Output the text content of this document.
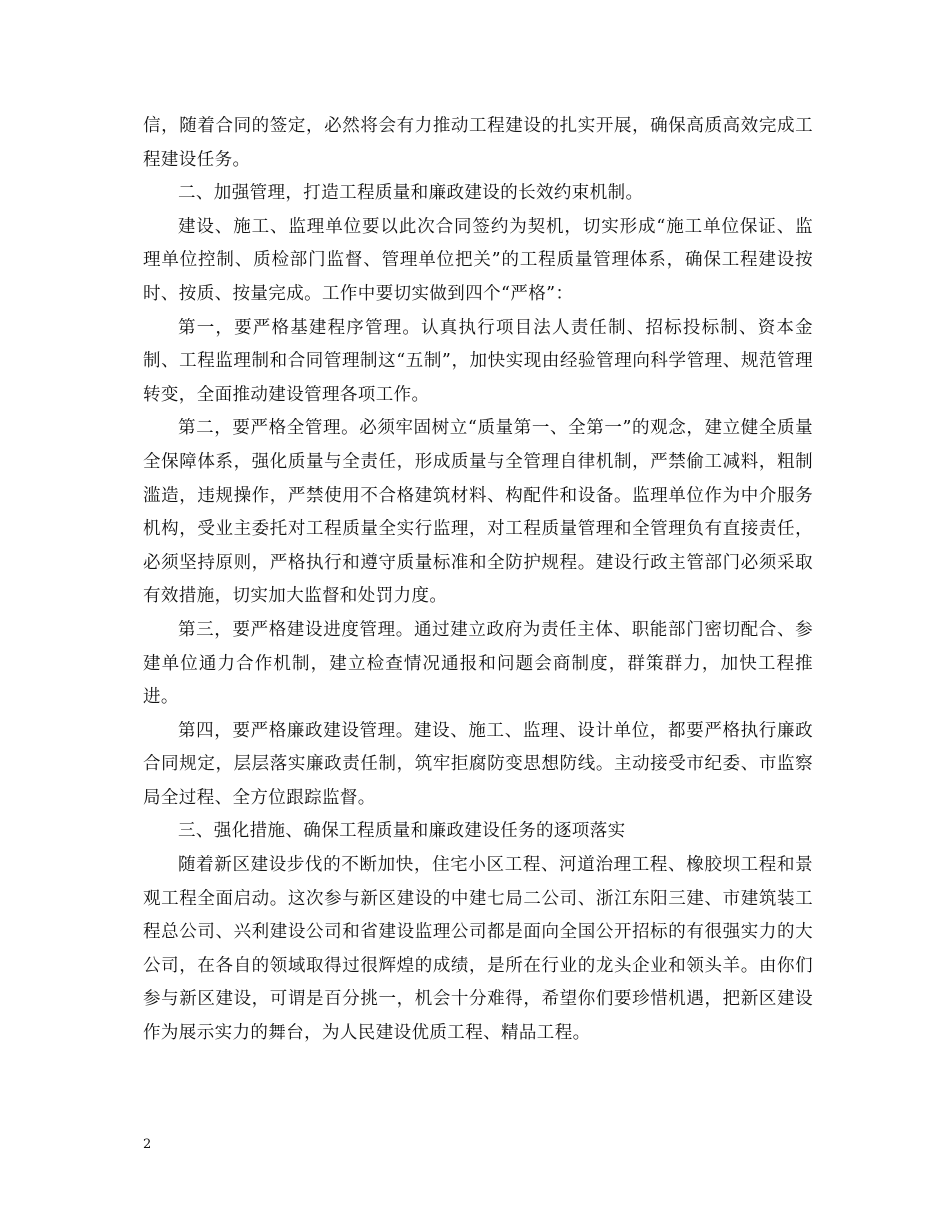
信，随着合同的签定，必然将会有力推动工程建设的扎实开展，确保高质高效完成工程建设任务。

二、加强管理，打造工程质量和廉政建设的长效约束机制。

建设、施工、监理单位要以此次合同签约为契机，切实形成“施工单位保证、监理单位控制、质检部门监督、管理单位把关”的工程质量管理体系，确保工程建设按时、按质、按量完成。工作中要切实做到四个“严格”：

第一，要严格基建程序管理。认真执行项目法人责任制、招标投标制、资本金制、工程监理制和合同管理制这“五制”，加快实现由经验管理向科学管理、规范管理转变，全面推动建设管理各项工作。

第二，要严格全管理。必须牢固树立“质量第一、全第一”的观念，建立健全质量全保障体系，强化质量与全责任，形成质量与全管理自律机制，严禁偷工减料，粗制滥造，违规操作，严禁使用不合格建筑材料、构配件和设备。监理单位作为中介服务机构，受业主委托对工程质量全实行监理，对工程质量管理和全管理负有直接责任，必须坚持原则，严格执行和遵守质量标准和全防护规程。建设行政主管部门必须采取有效措施，切实加大监督和处罚力度。

第三，要严格建设进度管理。通过建立政府为责任主体、职能部门密切配合、参建单位通力合作机制，建立检查情况通报和问题会商制度，群策群力，加快工程推进。

第四，要严格廉政建设管理。建设、施工、监理、设计单位，都要严格执行廉政合同规定，层层落实廉政责任制，筑牢拒腐防变思想防线。主动接受市纪委、市监察局全过程、全方位跟踪监督。

三、强化措施、确保工程质量和廉政建设任务的逐项落实

随着新区建设步伐的不断加快，住宅小区工程、河道治理工程、橡胶坝工程和景观工程全面启动。这次参与新区建设的中建七局二公司、浙江东阳三建、市建筑装工程总公司、兴利建设公司和省建设监理公司都是面向全国公开招标的有很强实力的大公司，在各自的领域取得过很辉煌的成绩，是所在行业的龙头企业和领头羊。由你们参与新区建设，可谓是百分挑一，机会十分难得，希望你们要珍惜机遇，把新区建设作为展示实力的舞台，为人民建设优质工程、精品工程。

2
